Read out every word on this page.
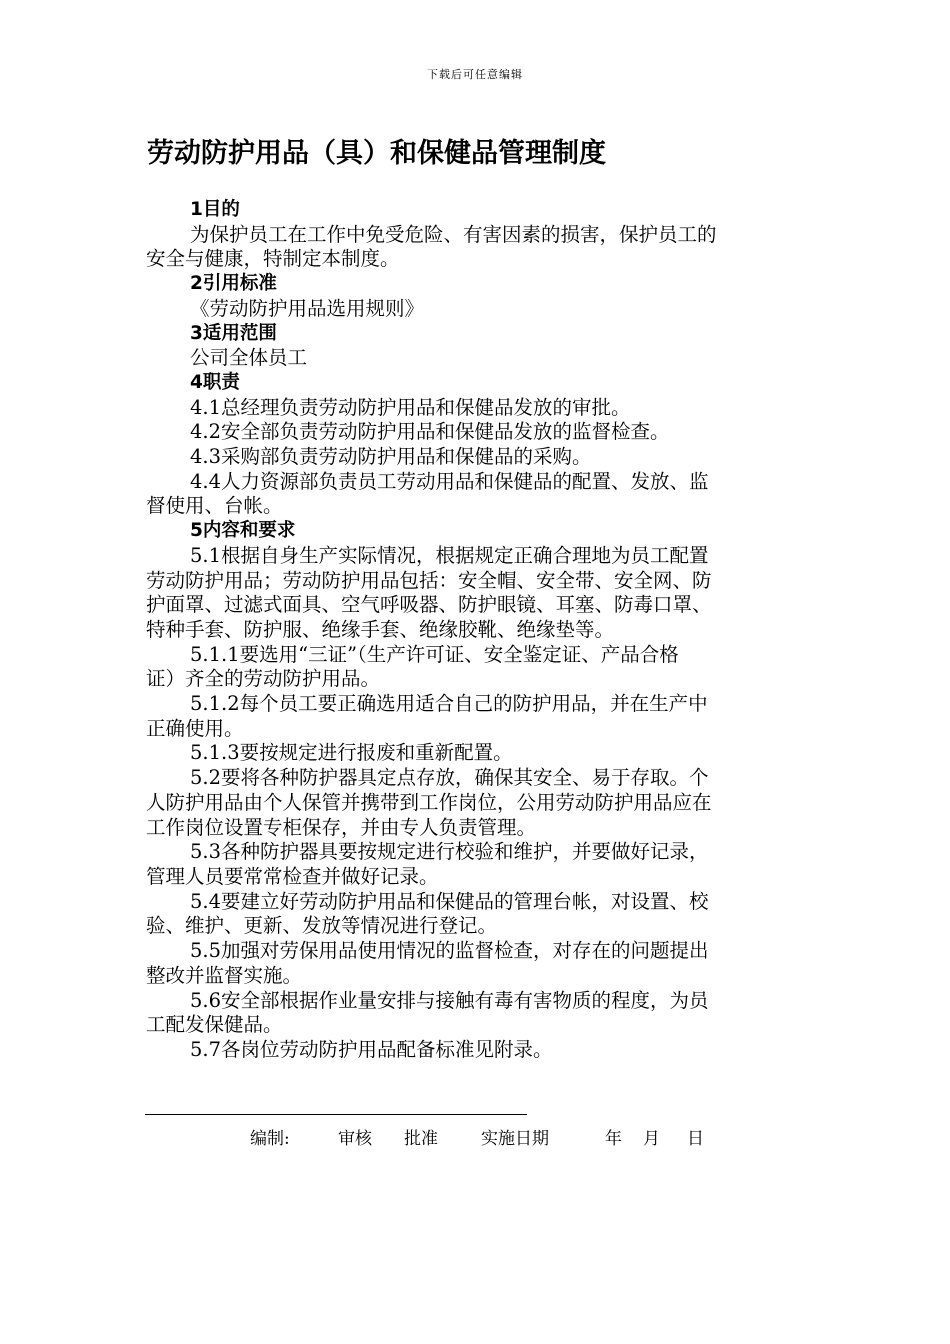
下载后可任意编辑
劳动防护用品（具）和保健品管理制度
1目的
为保护员工在工作中免受危险、有害因素的损害，保护员工的
安全与健康，特制定本制度。
2引用标准
《劳动防护用品选用规则》
3适用范围
公司全体员工
4职责
4.1总经理负责劳动防护用品和保健品发放的审批。
4.2安全部负责劳动防护用品和保健品发放的监督检查。
4.3采购部负责劳动防护用品和保健品的采购。
4.4人力资源部负责员工劳动用品和保健品的配置、发放、监
督使用、台帐。
5内容和要求
5.1根据自身生产实际情况，根据规定正确合理地为员工配置
劳动防护用品；劳动防护用品包括：安全帽、安全带、安全网、防
护面罩、过滤式面具、空气呼吸器、防护眼镜、耳塞、防毒口罩、
特种手套、防护服、绝缘手套、绝缘胶靴、绝缘垫等。
5.1.1要选用“三证”（生产许可证、安全鉴定证、产品合格
证）齐全的劳动防护用品。
5.1.2每个员工要正确选用适合自己的防护用品，并在生产中
正确使用。
5.1.3要按规定进行报废和重新配置。
5.2要将各种防护器具定点存放，确保其安全、易于存取。个
人防护用品由个人保管并携带到工作岗位，公用劳动防护用品应在
工作岗位设置专柜保存，并由专人负责管理。
5.3各种防护器具要按规定进行校验和维护，并要做好记录，
管理人员要常常检查并做好记录。
5.4要建立好劳动防护用品和保健品的管理台帐，对设置、校
验、维护、更新、发放等情况进行登记。
5.5加强对劳保用品使用情况的监督检查，对存在的问题提出
整改并监督实施。
5.6安全部根据作业量安排与接触有毒有害物质的程度，为员
工配发保健品。
5.7各岗位劳动防护用品配备标准见附录。
编制:	审核 批准	实施日期	年 月 日
